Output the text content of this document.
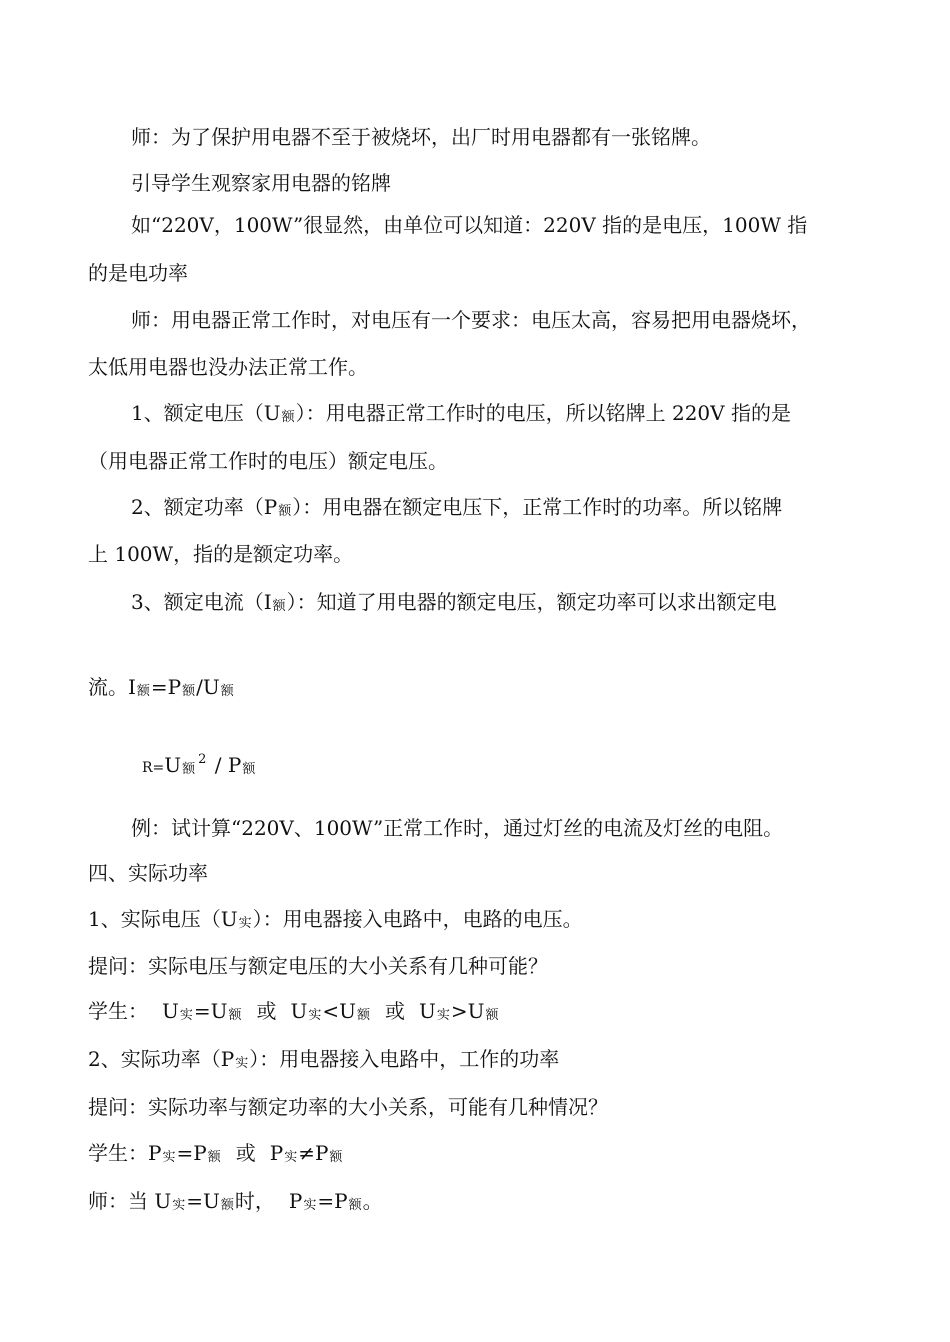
师：为了保护用电器不至于被烧坏，出厂时用电器都有一张铭牌。
引导学生观察家用电器的铭牌
如“220V，100W”很显然，由单位可以知道：220V 指的是电压，100W 指
的是电功率
师：用电器正常工作时，对电压有一个要求：电压太高，容易把用电器烧坏，
太低用电器也没办法正常工作。
1、额定电压（U额）：用电器正常工作时的电压，所以铭牌上 220V 指的是
（用电器正常工作时的电压）额定电压。
2、额定功率（P额）：用电器在额定电压下，正常工作时的功率。所以铭牌
上 100W，指的是额定功率。
3、额定电流（I额）：知道了用电器的额定电压，额定功率可以求出额定电
流。I额=P额/U额
R=U额$^2$ / P额
例：试计算“220V、100W”正常工作时，通过灯丝的电流及灯丝的电阻。
四、实际功率
1、实际电压（U实）：用电器接入电路中，电路的电压。
提问：实际电压与额定电压的大小关系有几种可能？
学生： U实=U额 或 U实<U额 或 U实>U额
2、实际功率（P实）：用电器接入电路中，工作的功率
提问：实际功率与额定功率的大小关系，可能有几种情况？
学生：P实=P额 或 P实≠P额
师：当 U实=U额时， P实=P额。
